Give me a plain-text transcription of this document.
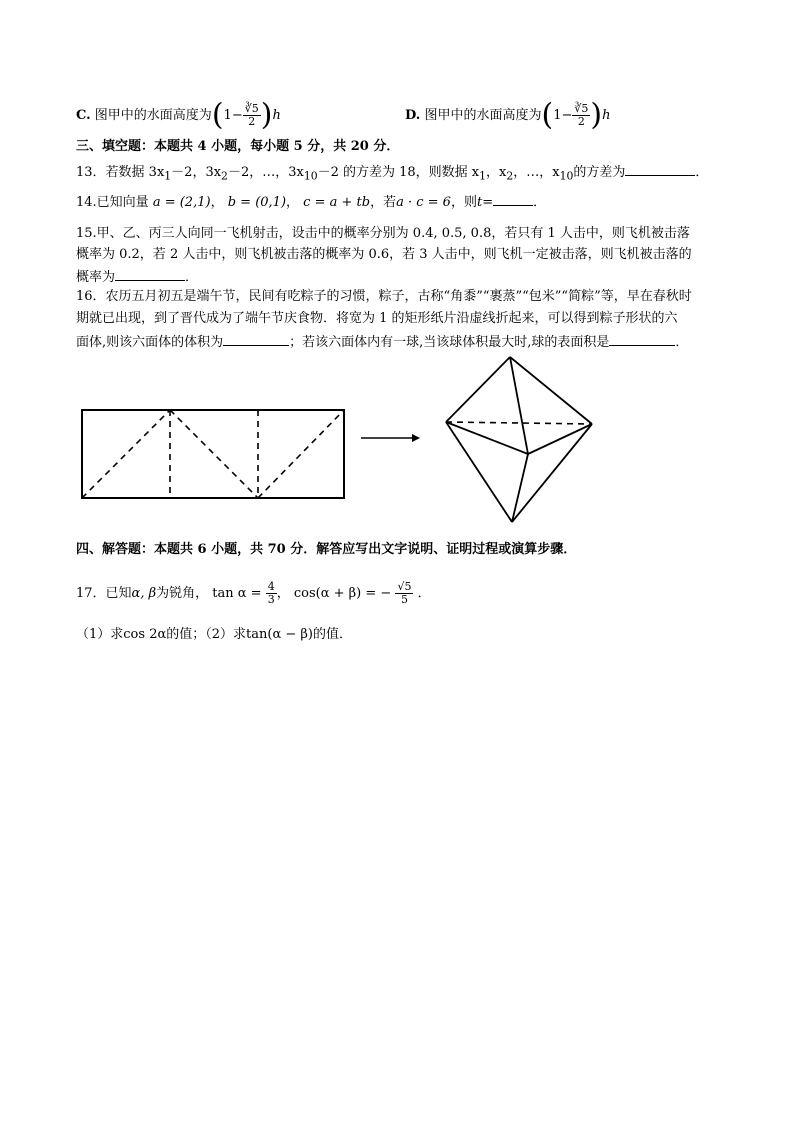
C. 图甲中的水面高度为$(1- \frac{∛5}{2} )h$	D. 图甲中的水面高度为$(1- \frac{∛5}{2} )h$
三、填空题：本题共 4 小题，每小题 5 分，共 20 分．
13．若数据 $3x_1-2$，$3x_2-2$，…，$3x_{10}-2$ 的方差为 18，则数据 $x_1$，$x_2$，…，$x_{10}$的方差为	．
14.已知向量 a = (2,1)， b = (0,1)， c = a + tb，若a · c = 6，则t=	．
15.甲、乙、丙三人向同一飞机射击，设击中的概率分别为 0.4, 0.5, 0.8，若只有 1 人击中，则飞机被击落
概率为 0.2，若 2 人击中，则飞机被击落的概率为 0.6，若 3 人击中，则飞机一定被击落，则飞机被击落的
概率为	．
16．农历五月初五是端午节，民间有吃粽子的习惯，粽子，古称“角黍”“裹蒸”“包米”“简粽”等，早在春秋时
期就已出现，到了晋代成为了端午节庆食物．将宽为 1 的矩形纸片沿虚线折起来，可以得到粽子形状的六
面体,则该六面体的体积为	；若该六面体内有一球,当该球体积最大时,球的表面积是	．
四、解答题：本题共 6 小题，共 70 分．解答应写出文字说明、证明过程或演算步骤．
17．已知α, β为锐角， $\tan \alpha = \frac{4}{3}$ ， cos(α + β) = − $\frac{√5}{5}$ ．
（1）求cos 2α的值；（2）求tan(α − β)的值．
